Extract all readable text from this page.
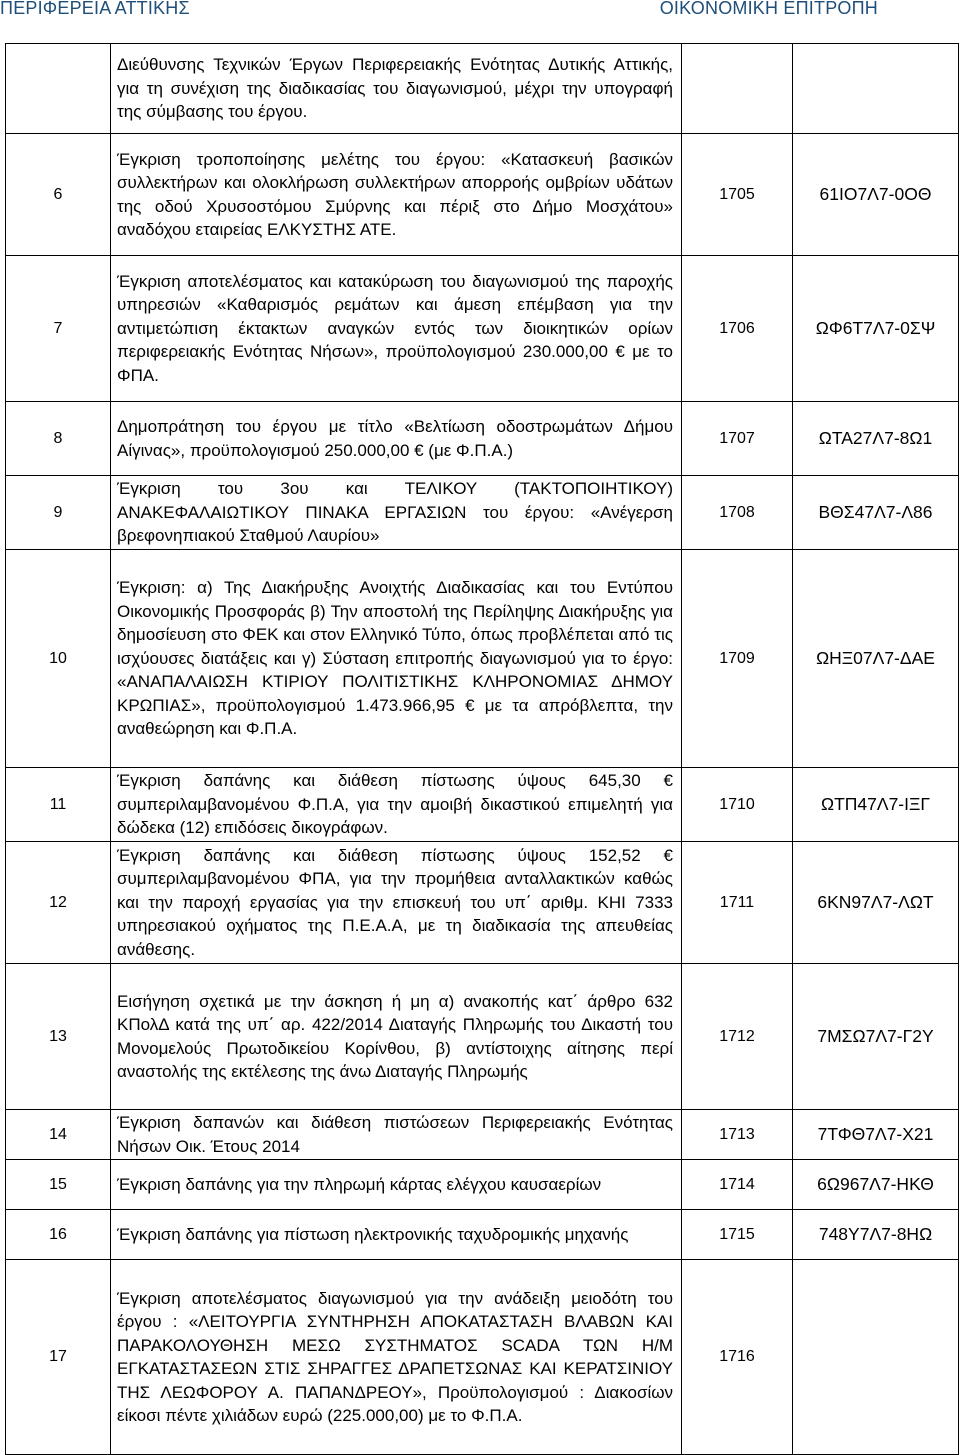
ΠΕΡΙΦΕΡΕΙΑ ΑΤΤΙΚΗΣ	ΟΙΚΟΝΟΜΙΚΗ ΕΠΙΤΡΟΠΗ
	Διεύθυνσης Τεχνικών Έργων Περιφερειακής Ενότητας Δυτικής Αττικής, για τη συνέχιση της διαδικασίας του διαγωνισμού, μέχρι την υπογραφή της σύμβασης του έργου.		
6	Έγκριση τροποποίησης μελέτης του έργου: «Κατασκευή βασικών συλλεκτήρων και ολοκλήρωση συλλεκτήρων απορροής ομβρίων υδάτων της οδού Χρυσοστόμου Σμύρνης και πέριξ στο Δήμο Μοσχάτου» αναδόχου εταιρείας ΕΛΚΥΣΤΗΣ ΑΤΕ.	1705	61ΙΟ7Λ7-0ΟΘ
7	Έγκριση αποτελέσματος και κατακύρωση του διαγωνισμού της παροχής υπηρεσιών «Καθαρισμός ρεμάτων και άμεση επέμβαση για την αντιμετώπιση έκτακτων αναγκών εντός των διοικητικών ορίων περιφερειακής Ενότητας Νήσων», προϋπολογισμού 230.000,00 € με το ΦΠΑ.	1706	ΩΦ6Τ7Λ7-0ΣΨ
8	Δημοπράτηση του έργου με τίτλο «Βελτίωση οδοστρωμάτων Δήμου Αίγινας», προϋπολογισμού 250.000,00 € (με Φ.Π.Α.)	1707	ΩΤΑ27Λ7-8Ω1
9	Έγκριση του 3ου και ΤΕΛΙΚΟΥ (ΤΑΚΤΟΠΟΙΗΤΙΚΟΥ) ΑΝΑΚΕΦΑΛΑΙΩΤΙΚΟΥ ΠΙΝΑΚΑ ΕΡΓΑΣΙΩΝ του έργου: «Ανέγερση βρεφονηπιακού Σταθμού Λαυρίου»	1708	ΒΘΣ47Λ7-Λ86
10	Έγκριση: α) Της Διακήρυξης Ανοιχτής Διαδικασίας και του Εντύπου Οικονομικής Προσφοράς β) Την αποστολή της Περίληψης Διακήρυξης για δημοσίευση στο ΦΕΚ και στον Ελληνικό Τύπο, όπως προβλέπεται από τις ισχύουσες διατάξεις και γ) Σύσταση επιτροπής διαγωνισμού για το έργο: «ΑΝΑΠΑΛΑΙΩΣΗ ΚΤΙΡΙΟΥ ΠΟΛΙΤΙΣΤΙΚΗΣ ΚΛΗΡΟΝΟΜΙΑΣ ΔΗΜΟΥ ΚΡΩΠΙΑΣ», προϋπολογισμού 1.473.966,95 € με τα απρόβλεπτα, την αναθεώρηση και Φ.Π.Α.	1709	ΩΗΞ07Λ7-ΔΑΕ
11	Έγκριση δαπάνης και διάθεση πίστωσης ύψους 645,30 € συμπεριλαμβανομένου Φ.Π.Α, για την αμοιβή δικαστικού επιμελητή για δώδεκα (12) επιδόσεις δικογράφων.	1710	ΩΤΠ47Λ7-ΙΞΓ
12	Έγκριση δαπάνης και διάθεση πίστωσης ύψους 152,52 € συμπεριλαμβανομένου ΦΠΑ, για την προμήθεια ανταλλακτικών καθώς και την παροχή εργασίας για την επισκευή του υπ΄ αριθμ. ΚΗΙ 7333 υπηρεσιακού οχήματος της Π.Ε.Α.Α, με τη διαδικασία της απευθείας ανάθεσης.	1711	6ΚΝ97Λ7-ΛΩΤ
13	Εισήγηση σχετικά με την άσκηση ή μη α) ανακοπής κατ΄ άρθρο 632 ΚΠολΔ κατά της υπ΄ αρ. 422/2014 Διαταγής Πληρωμής του Δικαστή του Μονομελούς Πρωτοδικείου Κορίνθου, β) αντίστοιχης αίτησης περί αναστολής της εκτέλεσης της άνω Διαταγής Πληρωμής	1712	7ΜΣΩ7Λ7-Γ2Υ
14	Έγκριση δαπανών και διάθεση πιστώσεων Περιφερειακής Ενότητας Νήσων Οικ. Έτους 2014	1713	7ΤΦΘ7Λ7-Χ21
15	Έγκριση δαπάνης για την πληρωμή κάρτας ελέγχου καυσαερίων	1714	6Ω967Λ7-ΗΚΘ
16	Έγκριση δαπάνης για πίστωση ηλεκτρονικής ταχυδρομικής μηχανής	1715	748Υ7Λ7-8ΗΩ
17	Έγκριση αποτελέσματος διαγωνισμού για την ανάδειξη μειοδότη του έργου : «ΛΕΙΤΟΥΡΓΙΑ ΣΥΝΤΗΡΗΣΗ ΑΠΟΚΑΤΑΣΤΑΣΗ ΒΛΑΒΩΝ ΚΑΙ ΠΑΡΑΚΟΛΟΥΘΗΣΗ ΜΕΣΩ ΣΥΣΤΗΜΑΤΟΣ SCADA ΤΩΝ Η/Μ ΕΓΚΑΤΑΣΤΑΣΕΩΝ ΣΤΙΣ ΣΗΡΑΓΓΕΣ ΔΡΑΠΕΤΣΩΝΑΣ ΚΑΙ ΚΕΡΑΤΣΙΝΙΟΥ ΤΗΣ ΛΕΩΦΟΡΟΥ Α. ΠΑΠΑΝΔΡΕΟΥ», Προϋπολογισμού : Διακοσίων είκοσι πέντε χιλιάδων ευρώ (225.000,00) με το Φ.Π.Α.	1716	
